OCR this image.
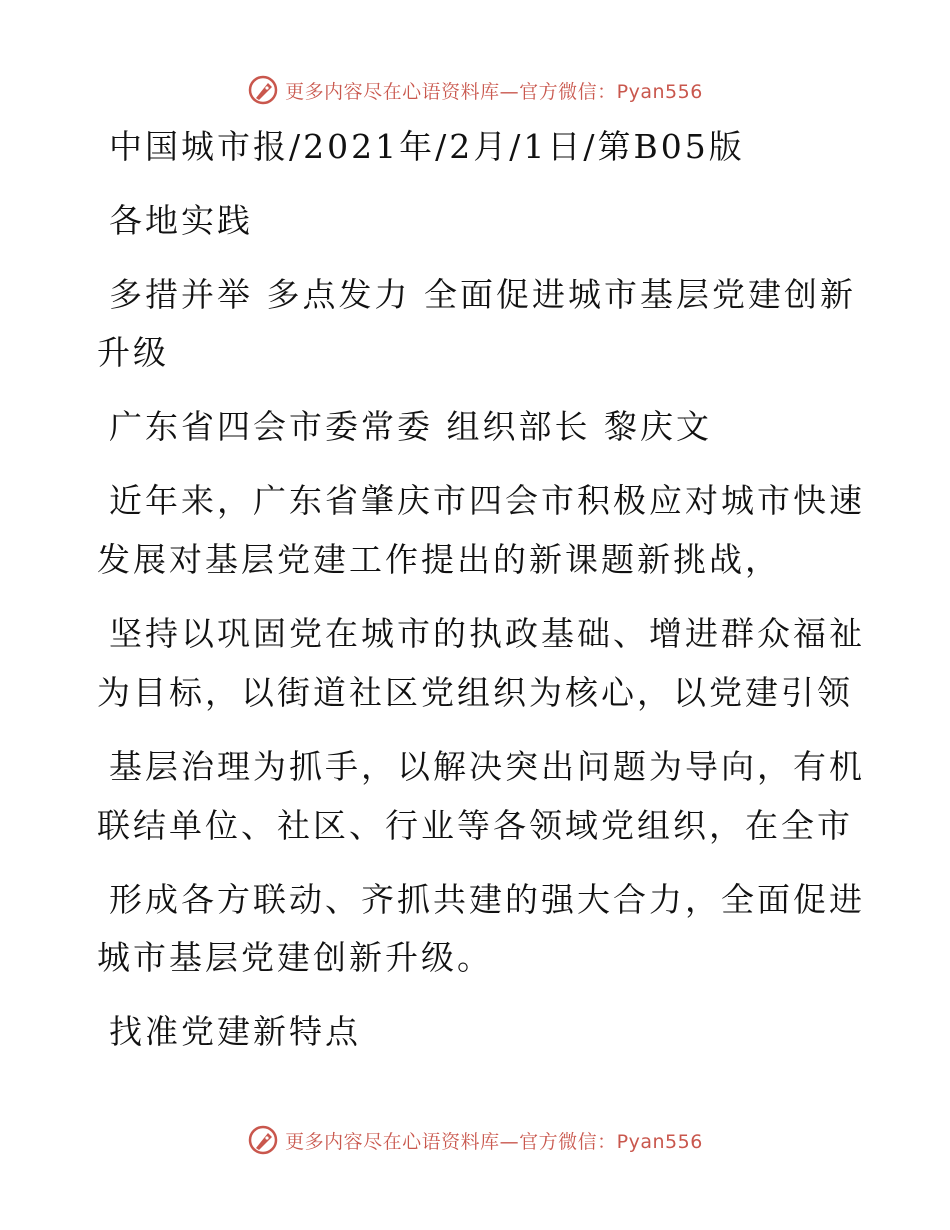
更多内容尽在心语资料库—官方微信：Pyan556
中国城市报/2021年/2月/1日/第B05版
各地实践
多措并举 多点发力 全面促进城市基层党建创新
升级
广东省四会市委常委 组织部长 黎庆文
近年来，广东省肇庆市四会市积极应对城市快速
发展对基层党建工作提出的新课题新挑战，
坚持以巩固党在城市的执政基础、增进群众福祉
为目标，以街道社区党组织为核心，以党建引领
基层治理为抓手，以解决突出问题为导向，有机
联结单位、社区、行业等各领域党组织，在全市
形成各方联动、齐抓共建的强大合力，全面促进
城市基层党建创新升级。
找准党建新特点
更多内容尽在心语资料库—官方微信：Pyan556
